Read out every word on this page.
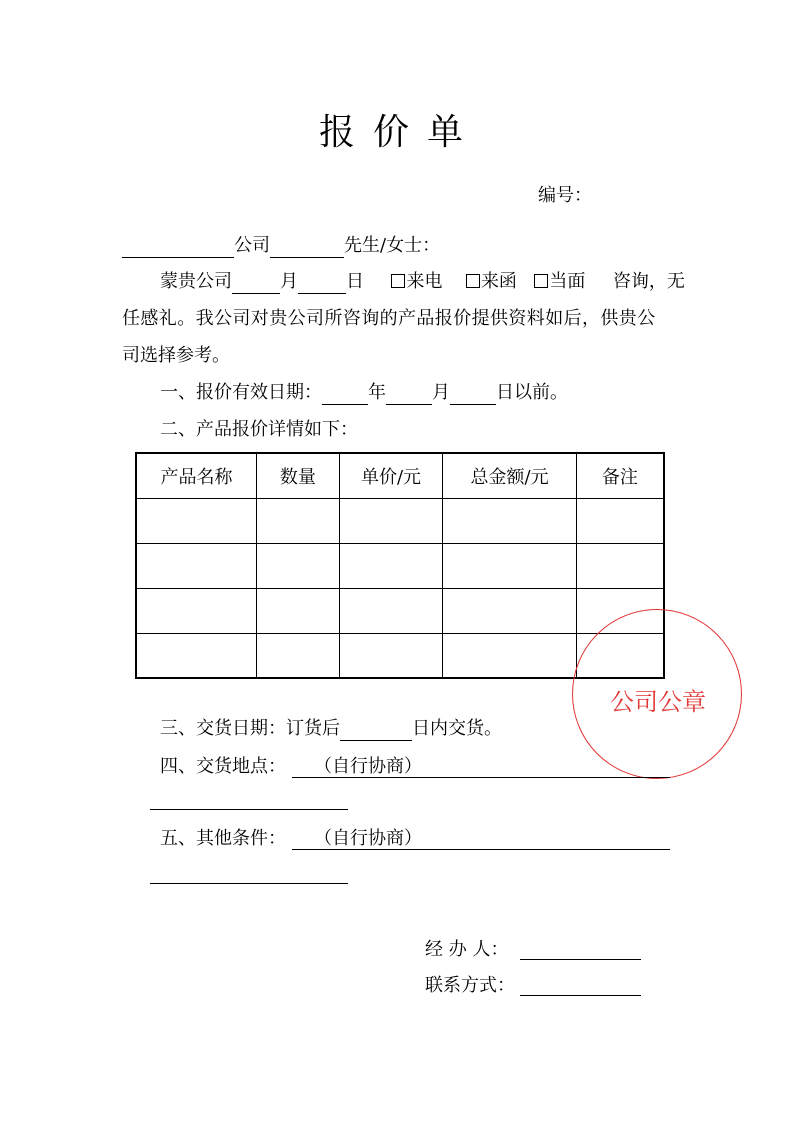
报价单
编号：
公司	先生/女士：
蒙贵公司	月	日 来电 来函 当面 咨询，无
任感礼。我公司对贵公司所咨询的产品报价提供资料如后，供贵公
司选择参考。
一、报价有效日期：	年	月	日以前。
二、产品报价详情如下：
产品名称	数量	单价/元	总金额/元	备注

公司公章
三、交货日期：订货后	日内交货。
四、交货地点： （自行协商）
五、其他条件： （自行协商）
经 办 人：
联系方式：
